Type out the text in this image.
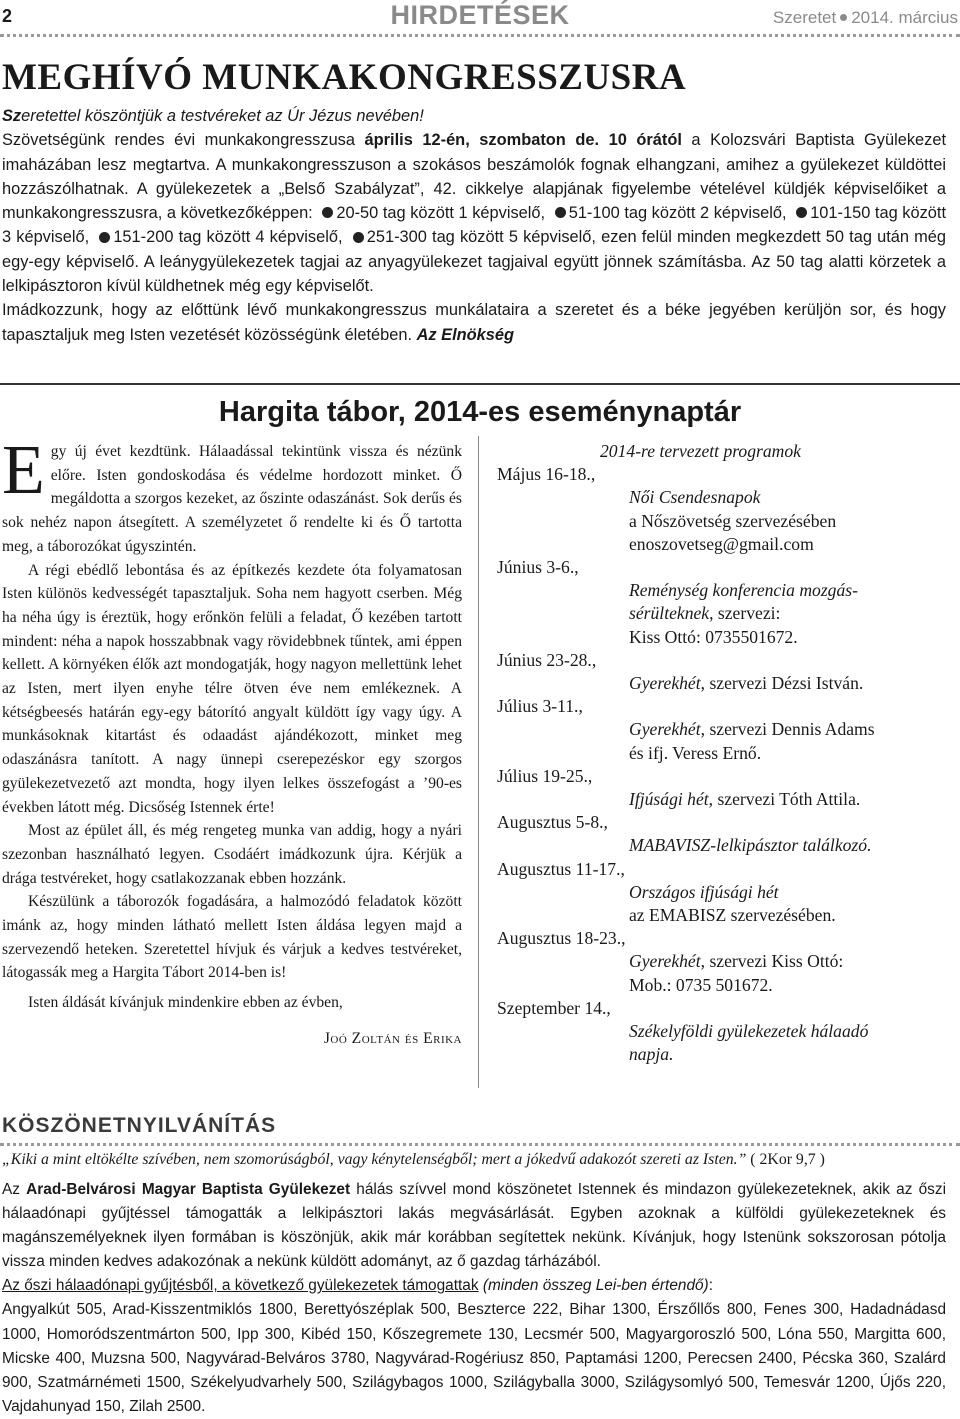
2	HIRDETÉSEK	Szeretet 2014. március
MEGHÍVÓ MUNKAKONGRESSZUSRA
Szeretettel köszöntjük a testvéreket az Úr Jézus nevében!
Szövetségünk rendes évi munkakongresszusa április 12-én, szombaton de. 10 órától a Kolozsvári Baptista Gyülekezet imaházában lesz megtartva. A munkakongresszuson a szokásos beszámolók fognak elhangzani, amihez a gyülekezet küldöttei hozzászólhatnak. A gyülekezetek a „Belső Szabályzat”, 42. cikkelye alapjának figyelembe vételével küldjék képviselőiket a munkakongresszusra, a következőképpen: 20-50 tag között 1 képviselő, 51-100 tag között 2 képviselő, 101-150 tag között 3 képviselő, 151-200 tag között 4 képviselő, 251-300 tag között 5 képviselő, ezen felül minden megkezdett 50 tag után még egy-egy képviselő. A leánygyülekezetek tagjai az anyagyülekezet tagjaival együtt jönnek számításba. Az 50 tag alatti körzetek a lelkipásztoron kívül küldhetnek még egy képviselőt.
Imádkozzunk, hogy az előttünk lévő munkakongresszus munkálataira a szeretet és a béke jegyében kerüljön sor, és hogy tapasztaljuk meg Isten vezetését közösségünk életében. Az Elnökség
Hargita tábor, 2014-es eseménynaptár

Egy új évet kezdtünk. Hálaadással tekintünk vissza és nézünk előre. Isten gondoskodása és védelme hordozott minket. Ő megáldotta a szorgos kezeket, az őszinte odaszánást. Sok derűs és sok nehéz napon átsegített. A személyzetet ő rendelte ki és Ő tartotta meg, a táborozókat úgyszintén.

A régi ebédlő lebontása és az építkezés kezdete óta folyamatosan Isten különös kedvességét tapasztaljuk. Soha nem hagyott cserben. Még ha néha úgy is éreztük, hogy erőnkön felüli a feladat, Ő kezében tartott mindent: néha a napok hosszabbnak vagy rövidebbnek tűntek, ami éppen kellett. A környéken élők azt mondogatják, hogy nagyon mellettünk lehet az Isten, mert ilyen enyhe télre ötven éve nem emlékeznek. A kétségbeesés határán egy-egy bátorító angyalt küldött így vagy úgy. A munkásoknak kitartást és odaadást ajándékozott, minket meg odaszánásra tanított. A nagy ünnepi cserepezéskor egy szorgos gyülekezetvezető azt mondta, hogy ilyen lelkes összefogást a ’90-es években látott még. Dicsőség Istennek érte!

Most az épület áll, és még rengeteg munka van addig, hogy a nyári szezonban használható legyen. Csodáért imádkozunk újra. Kérjük a drága testvéreket, hogy csatlakozzanak ebben hozzánk.

Készülünk a táborozók fogadására, a halmozódó feladatok között imánk az, hogy minden látható mellett Isten áldása legyen majd a szervezendő heteken. Szeretettel hívjuk és várjuk a kedves testvéreket, látogassák meg a Hargita Tábort 2014-ben is!

Isten áldását kívánjuk mindenkire ebben az évben,

Joó Zoltán és Erika

2014-re tervezett programok
Május 16-18.,
Női Csendesnapok
a Nőszövetség szervezésében
enoszovetseg@gmail.com
Június 3-6.,
Reménység konferencia mozgás-
sérülteknek, szervezi:
Kiss Ottó: 0735501672.
Június 23-28.,
Gyerekhét, szervezi Dézsi István.
Július 3-11.,
Gyerekhét, szervezi Dennis Adams
és ifj. Veress Ernő.
Július 19-25.,
Ifjúsági hét, szervezi Tóth Attila.
Augusztus 5-8.,
MABAVISZ-lelkipásztor találkozó.
Augusztus 11-17.,
Országos ifjúsági hét
az EMABISZ szervezésében.
Augusztus 18-23.,
Gyerekhét, szervezi Kiss Ottó:
Mob.: 0735 501672.
Szeptember 14.,
Székelyföldi gyülekezetek hálaadó
napja.
KÖSZÖNETNYILVÁNÍTÁS
„Kiki a mint eltökélte szívében, nem szomorúságból, vagy kénytelenségből; mert a jókedvű adakozót szereti az Isten.” ( 2Kor 9,7 )

Az Arad-Belvárosi Magyar Baptista Gyülekezet hálás szívvel mond köszönetet Istennek és mindazon gyülekezeteknek, akik az őszi hálaadónapi gyűjtéssel támogatták a lelkipásztori lakás megvásárlását. Egyben azoknak a külföldi gyülekezeteknek és magánszemélyeknek ilyen formában is köszönjük, akik már korábban segítettek nekünk. Kívánjuk, hogy Istenünk sokszorosan pótolja vissza minden kedves adakozónak a nekünk küldött adományt, az ő gazdag tárházából.

Az őszi hálaadónapi gyűjtésből, a következő gyülekezetek támogattak (minden összeg Lei-ben értendő):

Angyalkút 505, Arad-Kisszentmiklós 1800, Berettyószéplak 500, Beszterce 222, Bihar 1300, Érszőllős 800, Fenes 300, Hadadnádasd 1000, Homoródszentmárton 500, Ipp 300, Kibéd 150, Kőszegremete 130, Lecsmér 500, Magyargoroszló 500, Lóna 550, Margitta 600, Micske 400, Muzsna 500, Nagyvárad-Belváros 3780, Nagyvárad-Rogériusz 850, Paptamási 1200, Perecsen 2400, Pécska 360, Szalárd 900, Szatmárnémeti 1500, Székelyudvarhely 500, Szilágybagos 1000, Szilágyballa 3000, Szilágysomlyó 500, Temesvár 1200, Újős 220, Vajdahunyad 150, Zilah 2500.
